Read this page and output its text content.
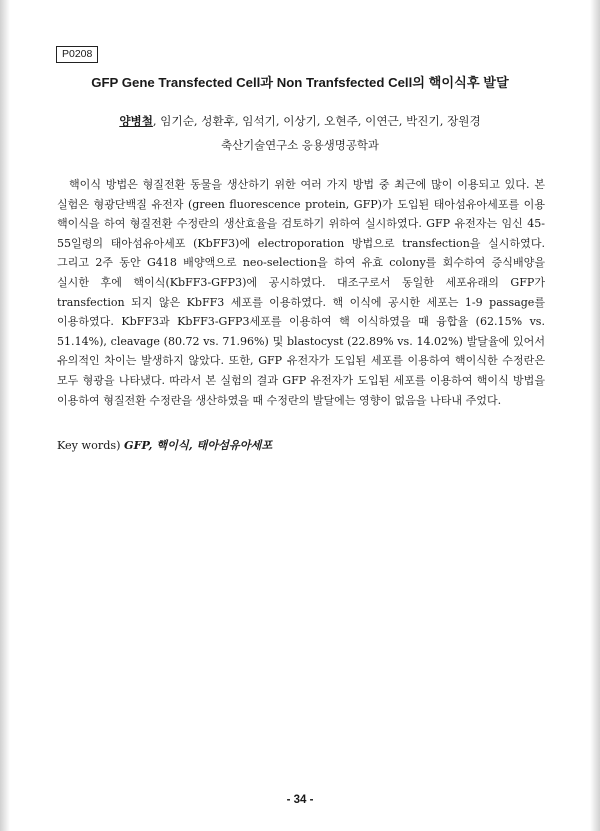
P0208
GFP Gene Transfected Cell과 Non Tranfsfected Cell의 핵이식후 발달
양병철, 임기순, 성환후, 임석기, 이상기, 오현주, 이연근, 박진기, 장원경
축산기술연구소 응용생명공학과

핵이식 방법은 형질전환 동물을 생산하기 위한 여러 가지 방법 중 최근에 많이 이용되고 있다. 본 실험은 형광단백질 유전자 (green fluorescence protein, GFP)가 도입된 태아섬유아세포를 이용 핵이식을 하여 형질전환 수정란의 생산효율을 검토하기 위하여 실시하였다. GFP 유전자는 임신 45-55일령의 태아섬유아세포 (KbFF3)에 electroporation 방법으로 transfection을 실시하였다. 그리고 2주 동안 G418 배양액으로 neo-selection을 하여 유효 colony를 회수하여 증식배양을 실시한 후에 핵이식(KbFF3-GFP3)에 공시하였다. 대조구로서 동일한 세포유래의 GFP가 transfection 되지 않은 KbFF3 세포를 이용하였다. 핵 이식에 공시한 세포는 1-9 passage를 이용하였다. KbFF3과 KbFF3-GFP3세포를 이용하여 핵 이식하였을 때 융합율 (62.15% vs. 51.14%), cleavage (80.72 vs. 71.96%) 및 blastocyst (22.89% vs. 14.02%) 발달율에 있어서 유의적인 차이는 발생하지 않았다. 또한, GFP 유전자가 도입된 세포를 이용하여 핵이식한 수정란은 모두 형광을 나타냈다. 따라서 본 실험의 결과 GFP 유전자가 도입된 세포를 이용하여 핵이식 방법을 이용하여 형질전환 수정란을 생산하였을 때 수정란의 발달에는 영향이 없음을 나타내 주었다.

Key words) GFP, 핵이식, 태아섬유아세포
- 34 -
